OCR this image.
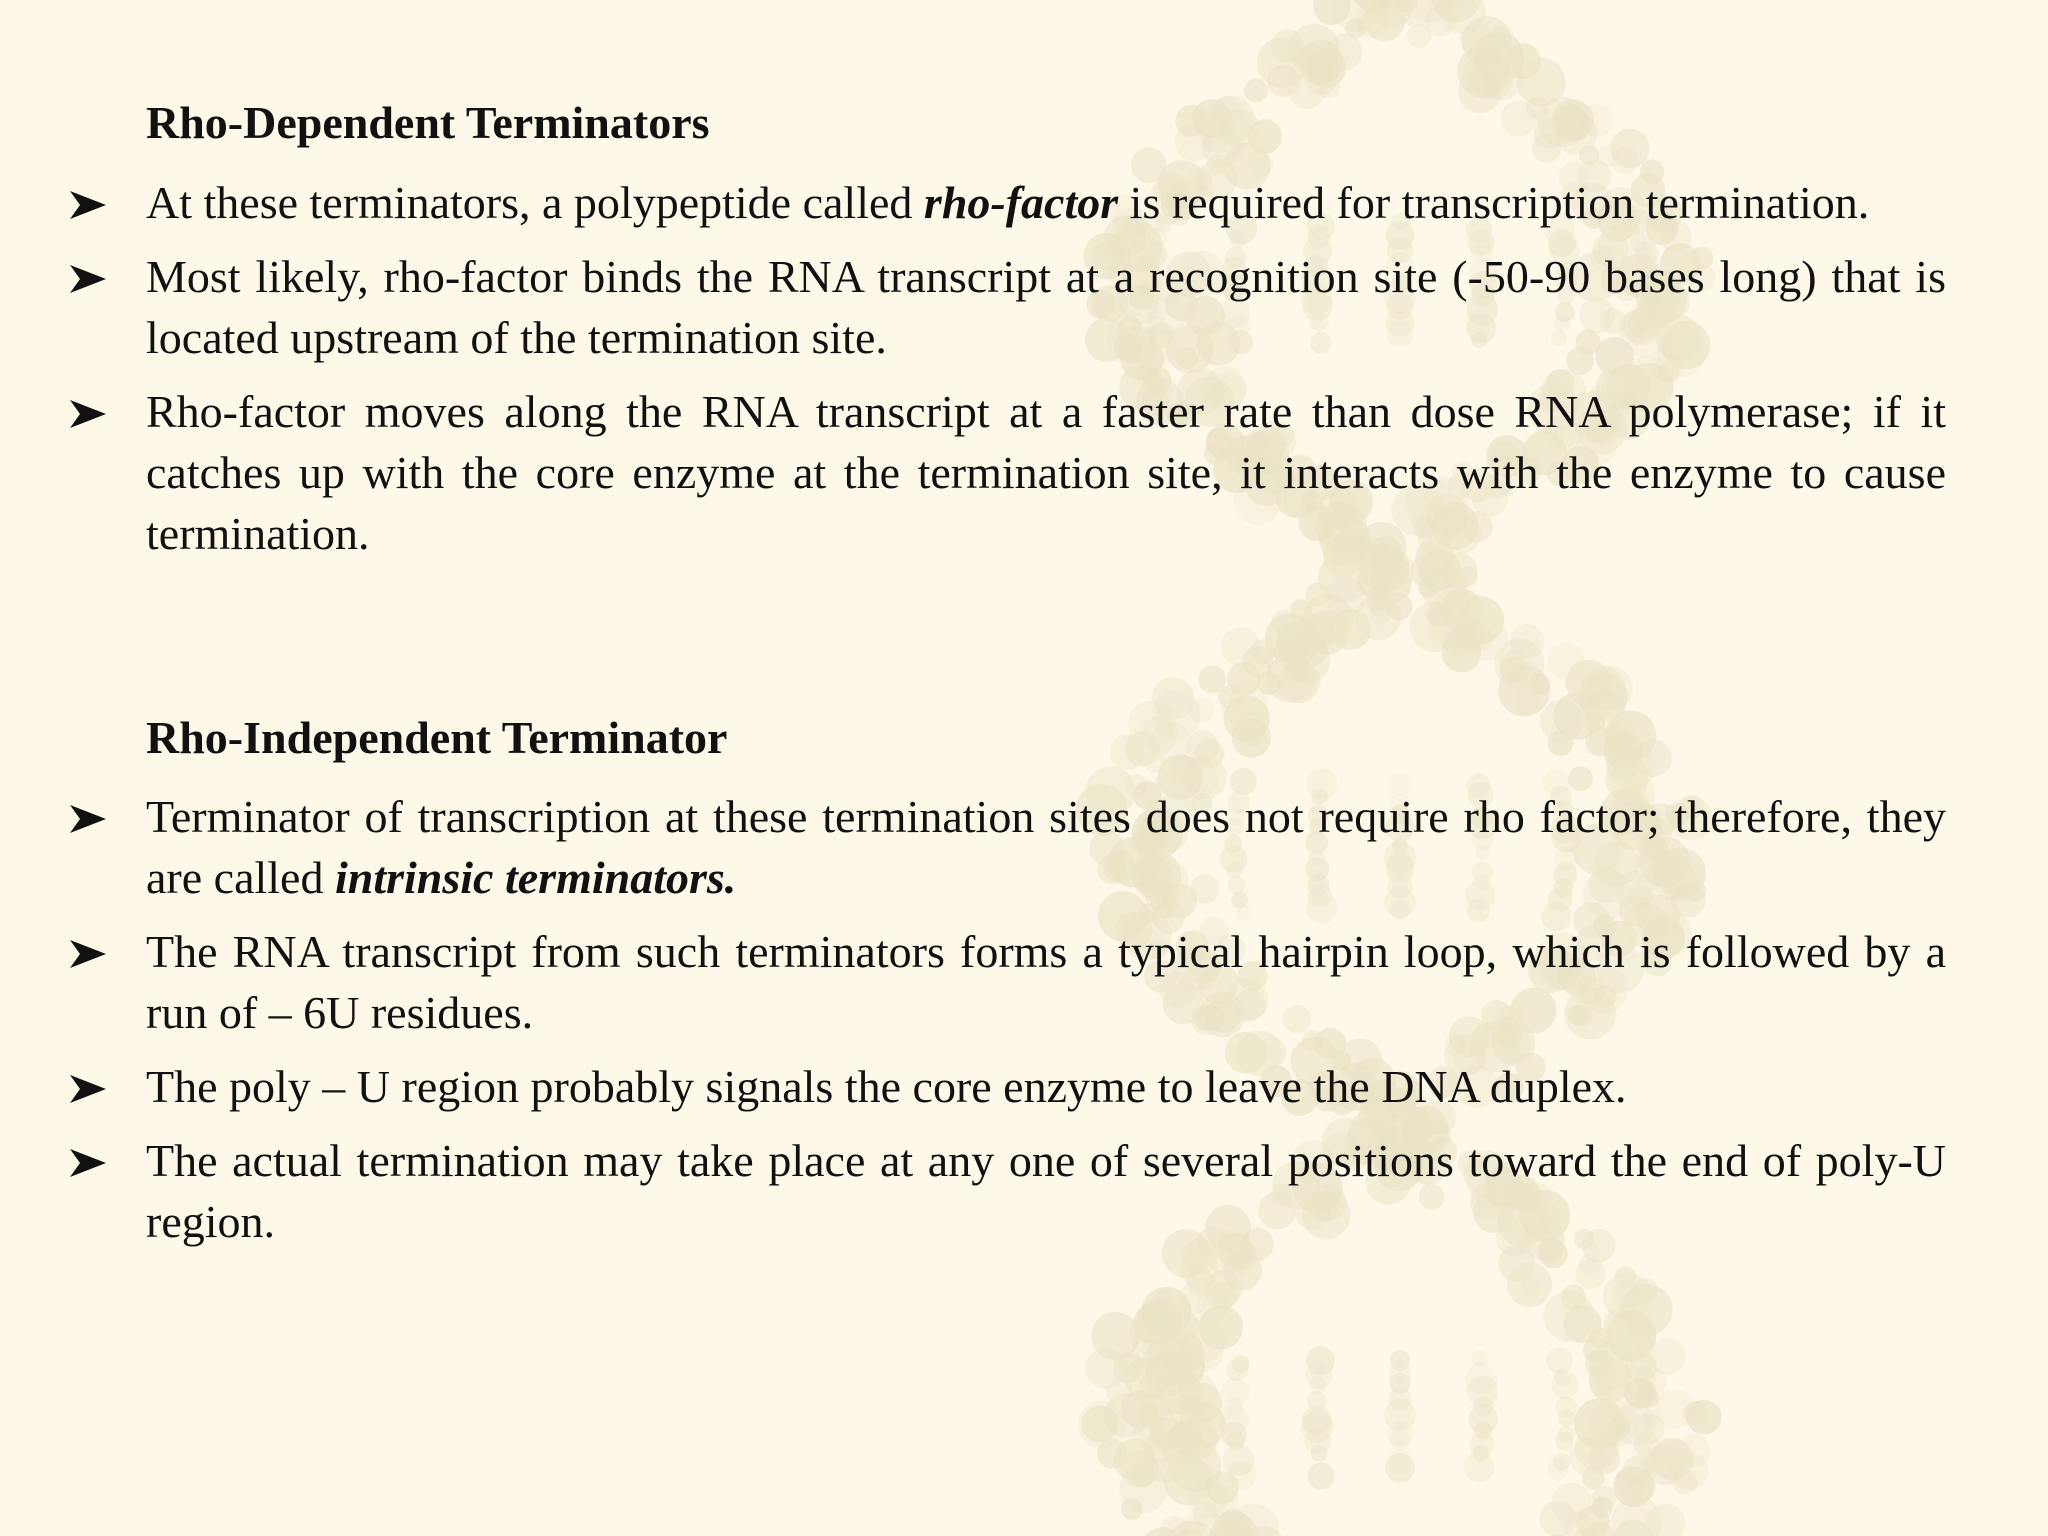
Rho-Dependent Terminators
At these terminators, a polypeptide called rho-factor is required for transcription termination.
Most likely, rho-factor binds the RNA transcript at a recognition site (-50-90 bases long) that is located upstream of the termination site.
Rho-factor moves along the RNA transcript at a faster rate than dose RNA polymerase; if it catches up with the core enzyme at the termination site, it interacts with the enzyme to cause termination.
Rho-Independent Terminator
Terminator of transcription at these termination sites does not require rho factor; therefore, they are called intrinsic terminators.
The RNA transcript from such terminators forms a typical hairpin loop, which is followed by a run of – 6U residues.
The poly – U region probably signals the core enzyme to leave the DNA duplex.
The actual termination may take place at any one of several positions toward the end of poly-U region.
